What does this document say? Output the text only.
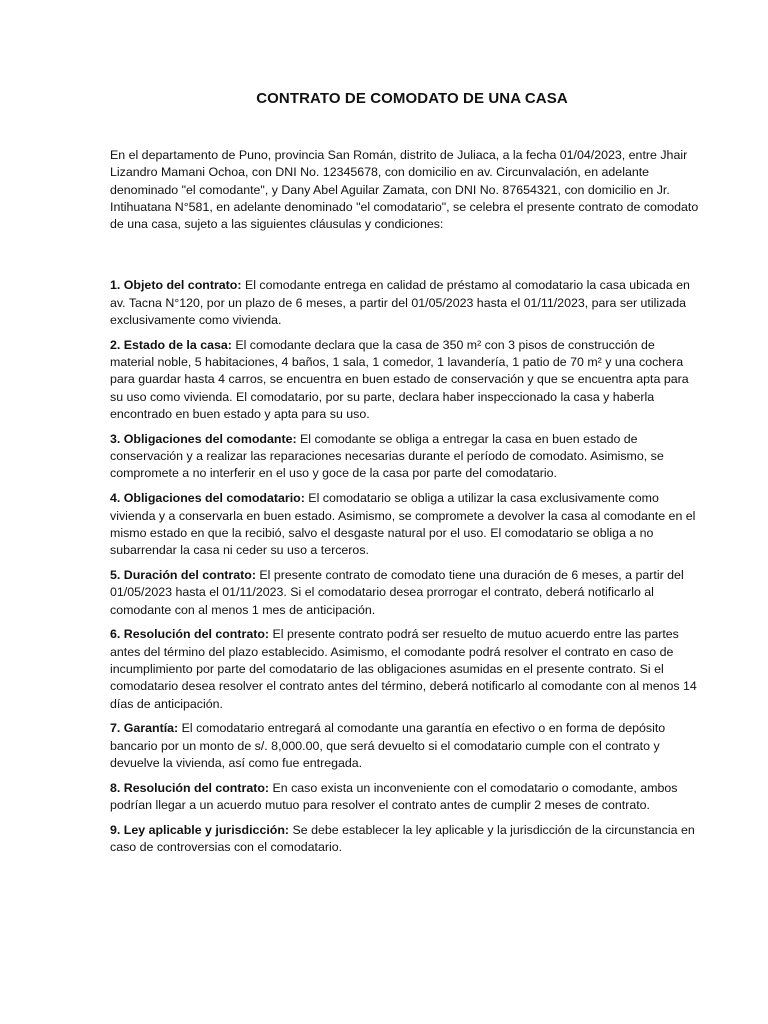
CONTRATO DE COMODATO DE UNA CASA

En el departamento de Puno, provincia San Román, distrito de Juliaca, a la fecha 01/04/2023, entre Jhair Lizandro Mamani Ochoa, con DNI No. 12345678, con domicilio en av. Circunvalación, en adelante denominado "el comodante", y Dany Abel Aguilar Zamata, con DNI No. 87654321, con domicilio en Jr. Intihuatana N°581, en adelante denominado "el comodatario", se celebra el presente contrato de comodato de una casa, sujeto a las siguientes cláusulas y condiciones:

1. Objeto del contrato: El comodante entrega en calidad de préstamo al comodatario la casa ubicada en av. Tacna N°120, por un plazo de 6 meses, a partir del 01/05/2023 hasta el 01/11/2023, para ser utilizada exclusivamente como vivienda.

2. Estado de la casa: El comodante declara que la casa de 350 m² con 3 pisos de construcción de material noble, 5 habitaciones, 4 baños, 1 sala, 1 comedor, 1 lavandería, 1 patio de 70 m² y una cochera para guardar hasta 4 carros, se encuentra en buen estado de conservación y que se encuentra apta para su uso como vivienda. El comodatario, por su parte, declara haber inspeccionado la casa y haberla encontrado en buen estado y apta para su uso.

3. Obligaciones del comodante: El comodante se obliga a entregar la casa en buen estado de conservación y a realizar las reparaciones necesarias durante el período de comodato. Asimismo, se compromete a no interferir en el uso y goce de la casa por parte del comodatario.

4. Obligaciones del comodatario: El comodatario se obliga a utilizar la casa exclusivamente como vivienda y a conservarla en buen estado. Asimismo, se compromete a devolver la casa al comodante en el mismo estado en que la recibió, salvo el desgaste natural por el uso. El comodatario se obliga a no subarrendar la casa ni ceder su uso a terceros.

5. Duración del contrato: El presente contrato de comodato tiene una duración de 6 meses, a partir del 01/05/2023 hasta el 01/11/2023. Si el comodatario desea prorrogar el contrato, deberá notificarlo al comodante con al menos 1 mes de anticipación.

6. Resolución del contrato: El presente contrato podrá ser resuelto de mutuo acuerdo entre las partes antes del término del plazo establecido. Asimismo, el comodante podrá resolver el contrato en caso de incumplimiento por parte del comodatario de las obligaciones asumidas en el presente contrato. Si el comodatario desea resolver el contrato antes del término, deberá notificarlo al comodante con al menos 14 días de anticipación.

7. Garantía: El comodatario entregará al comodante una garantía en efectivo o en forma de depósito bancario por un monto de s/. 8,000.00, que será devuelto si el comodatario cumple con el contrato y devuelve la vivienda, así como fue entregada.

8. Resolución del contrato: En caso exista un inconveniente con el comodatario o comodante, ambos podrían llegar a un acuerdo mutuo para resolver el contrato antes de cumplir 2 meses de contrato.

9. Ley aplicable y jurisdicción: Se debe establecer la ley aplicable y la jurisdicción de la circunstancia en caso de controversias con el comodatario.
